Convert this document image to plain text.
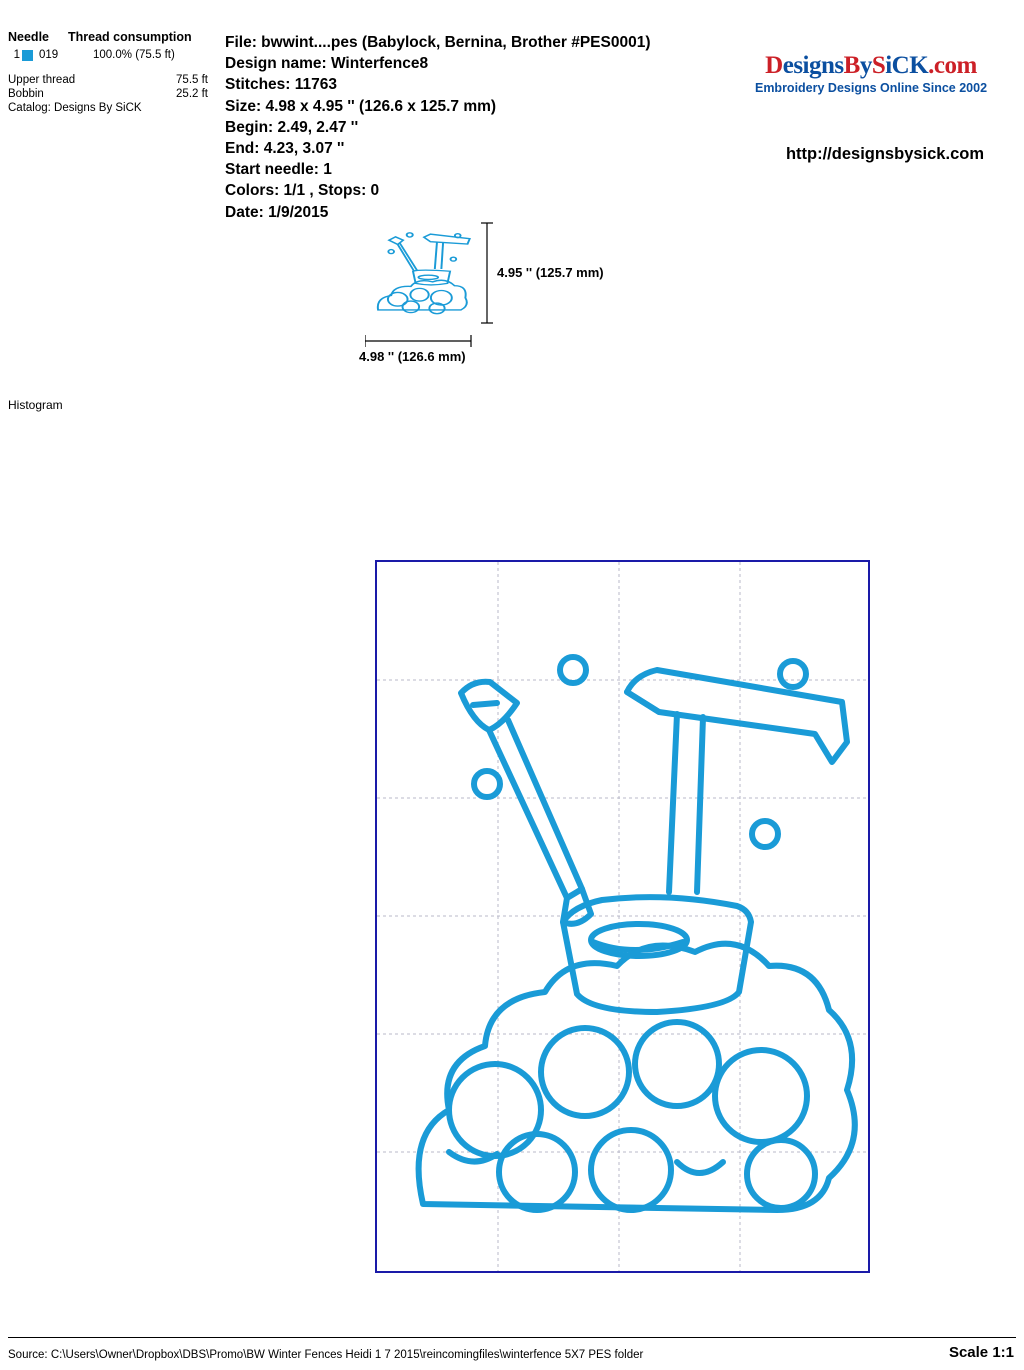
Needle	Thread consumption
1 019	100.0% (75.5 ft)
Upper thread	75.5 ft
Bobbin	25.2 ft
Catalog: Designs By SiCK
Histogram
File: bwwint....pes (Babylock, Bernina, Brother #PES0001)
Design name: Winterfence8
Stitches: 11763
Size: 4.98 x 4.95 '' (126.6 x 125.7 mm)
Begin: 2.49, 2.47 ''
End: 4.23, 3.07 ''
Start needle: 1
Colors: 1/1 , Stops: 0
Date: 1/9/2015
DesignsBySiCK.com
Embroidery Designs Online Since 2002
http://designsbysick.com
4.95 '' (125.7 mm)
4.98 '' (126.6 mm)
Source: C:\Users\Owner\Dropbox\DBS\Promo\BW Winter Fences Heidi 1 7 2015\reincomingfiles\winterfence 5X7 PES folder	Scale 1:1
